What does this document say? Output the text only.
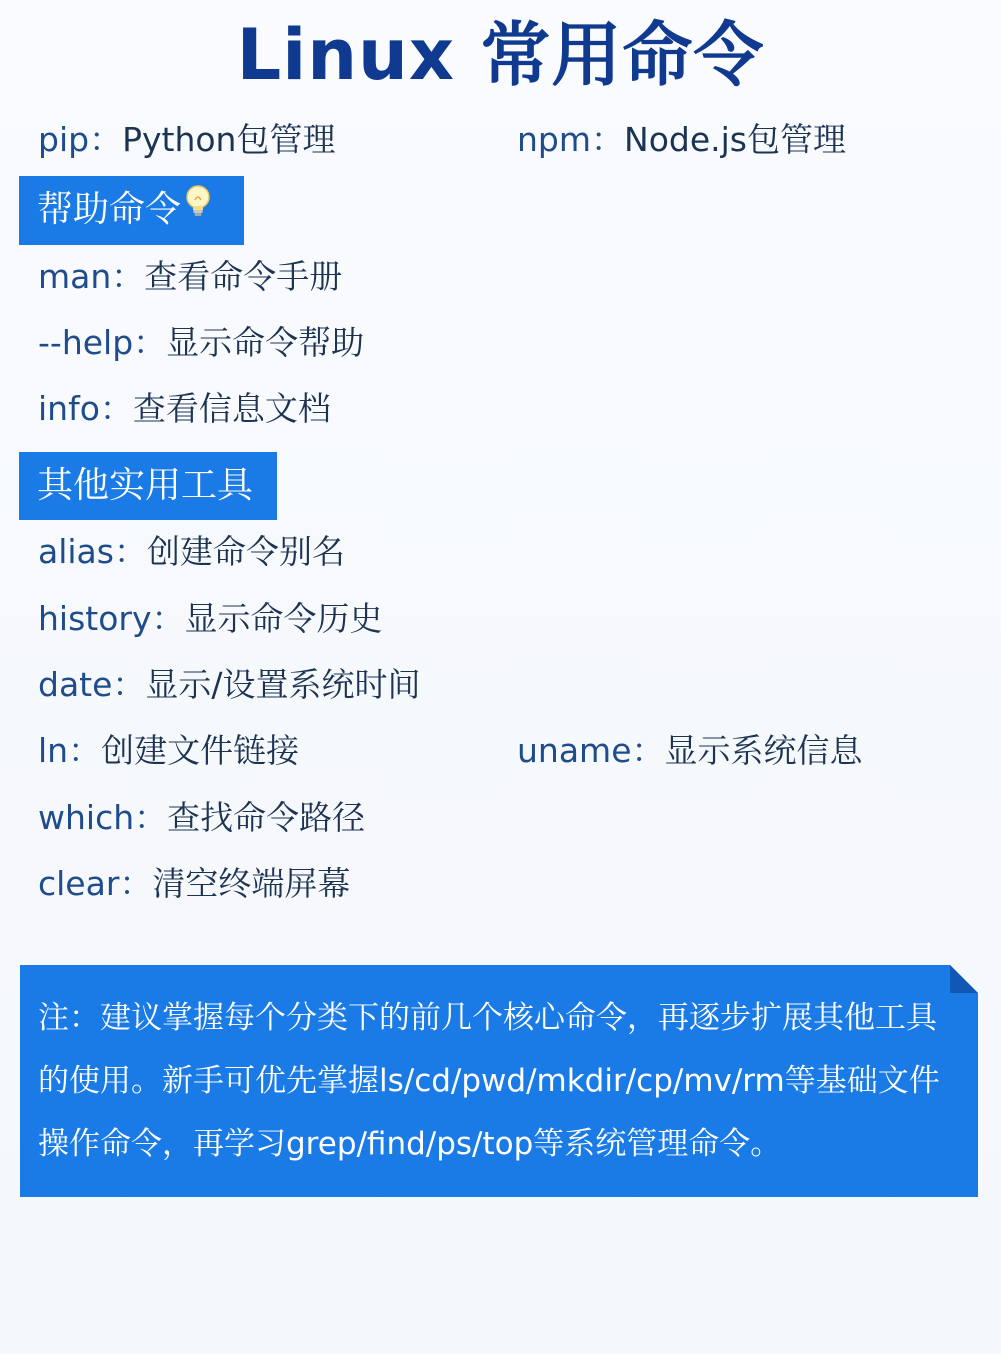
Linux 常用命令
pip：Python包管理	npm：Node.js包管理
帮助命令
man：查看命令手册
--help：显示命令帮助
info：查看信息文档
其他实用工具
alias：创建命令别名
history：显示命令历史
date：显示/设置系统时间
ln：创建文件链接	uname：显示系统信息
which：查找命令路径
clear：清空终端屏幕
注：建议掌握每个分类下的前几个核心命令，再逐步扩展其他工具的使用。新手可优先掌握ls/cd/pwd/mkdir/cp/mv/rm等基础文件操作命令，再学习grep/find/ps/top等系统管理命令。
